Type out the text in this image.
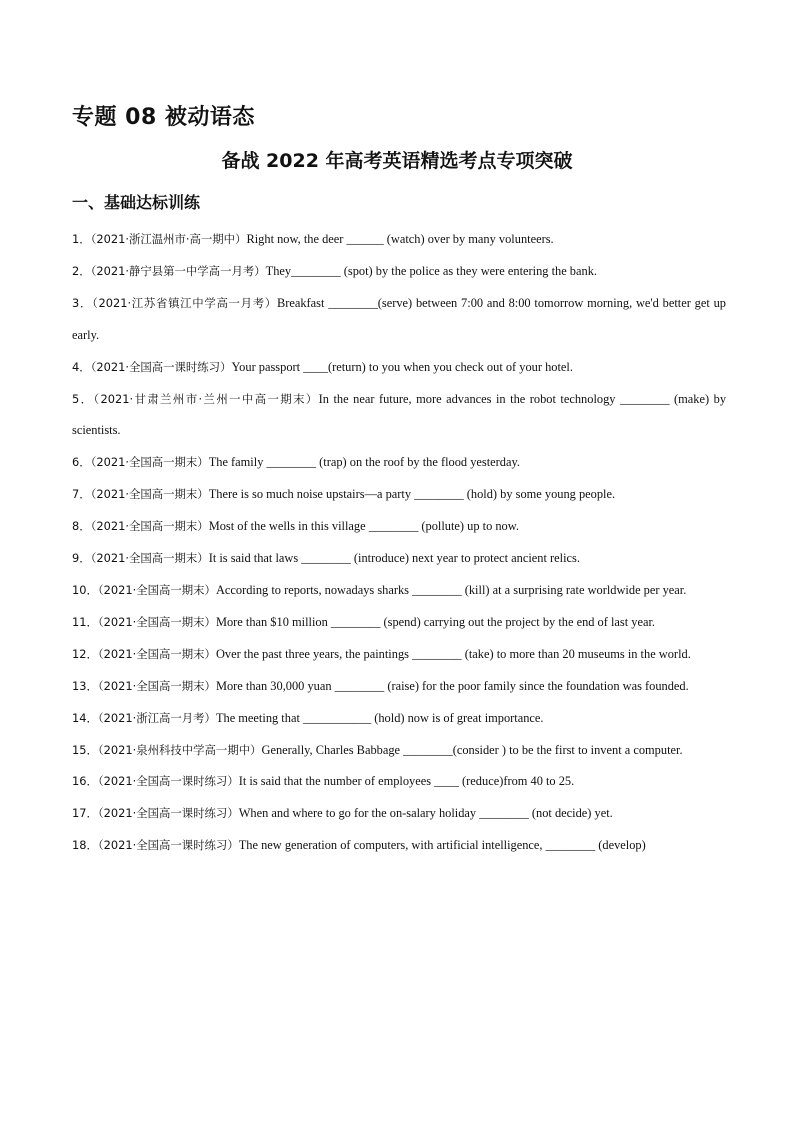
专题 08 被动语态
备战 2022 年高考英语精选考点专项突破
一、基础达标训练
1．（2021·浙江温州市·高一期中）Right now, the deer ______ (watch) over by many volunteers.
2．（2021·静宁县第一中学高一月考）They________ (spot) by the police as they were entering the bank.
3．（2021·江苏省镇江中学高一月考）Breakfast ________(serve) between 7:00 and 8:00 tomorrow morning, we'd better get up early.
4．（2021·全国高一课时练习）Your passport ____(return) to you when you check out of your hotel.
5．（2021·甘肃兰州市·兰州一中高一期末）In the near future, more advances in the robot technology ________ (make) by scientists.
6．（2021·全国高一期末）The family ________ (trap) on the roof by the flood yesterday.
7．（2021·全国高一期末）There is so much noise upstairs—a party ________ (hold) by some young people.
8．（2021·全国高一期末）Most of the wells in this village ________ (pollute) up to now.
9．（2021·全国高一期末）It is said that laws ________ (introduce) next year to protect ancient relics.
10．（2021·全国高一期末）According to reports, nowadays sharks ________ (kill) at a surprising rate worldwide per year.
11．（2021·全国高一期末）More than $10 million ________ (spend) carrying out the project by the end of last year.
12．（2021·全国高一期末）Over the past three years, the paintings ________ (take) to more than 20 museums in the world.
13．（2021·全国高一期末）More than 30,000 yuan ________ (raise) for the poor family since the foundation was founded.
14．（2021·浙江高一月考）The meeting that ___________ (hold) now is of great importance.
15．（2021·泉州科技中学高一期中）Generally, Charles Babbage ________(consider ) to be the first to invent a computer.
16．（2021·全国高一课时练习）It is said that the number of employees ____ (reduce)from 40 to 25.
17．（2021·全国高一课时练习）When and where to go for the on-salary holiday ________ (not decide) yet.
18．（2021·全国高一课时练习）The new generation of computers, with artificial intelligence, ________ (develop)
